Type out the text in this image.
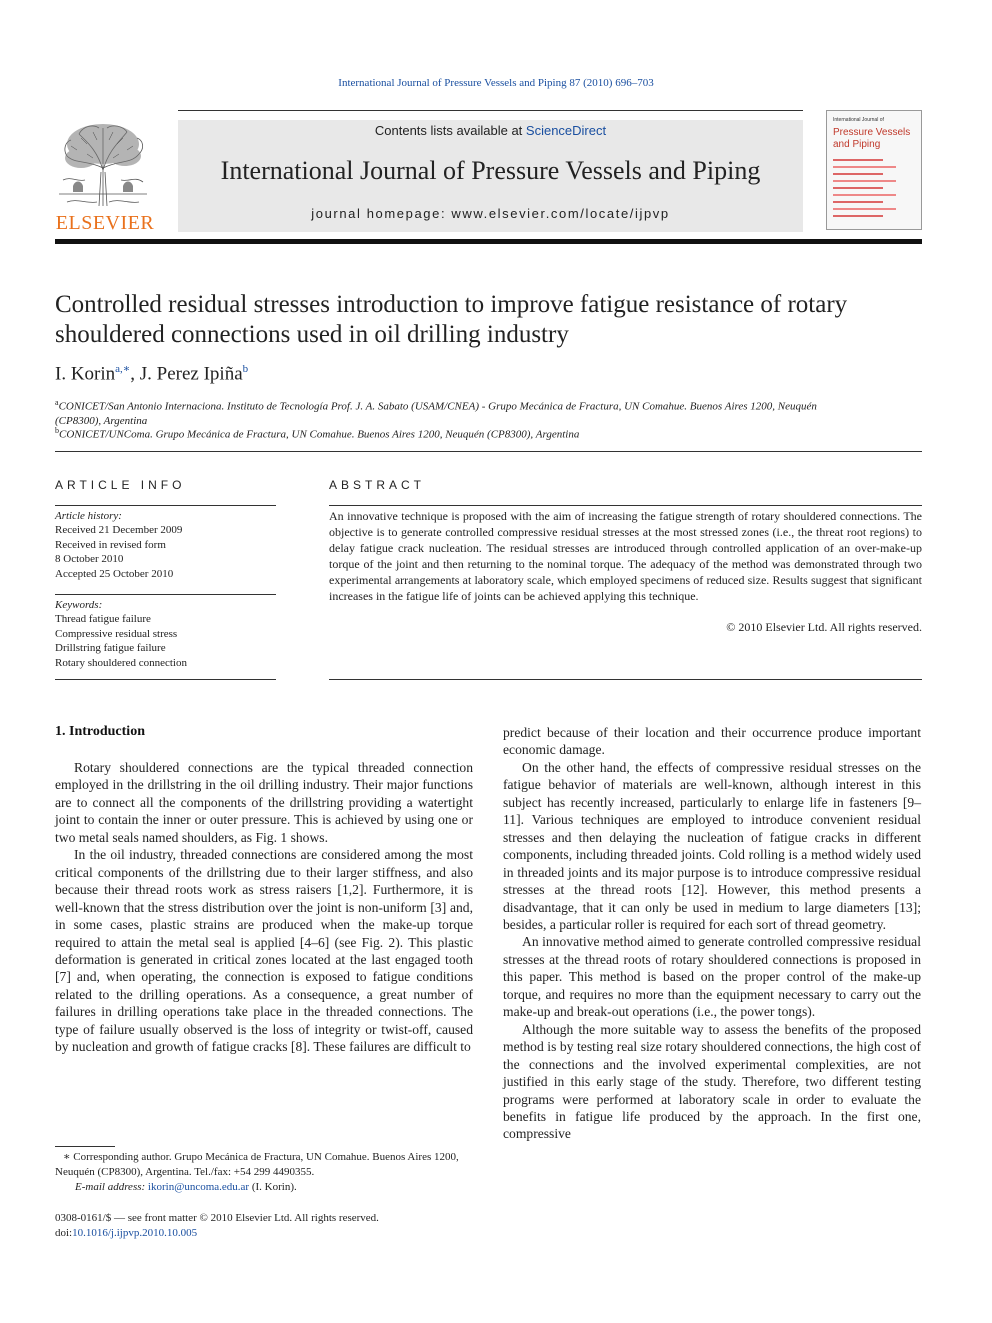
International Journal of Pressure Vessels and Piping 87 (2010) 696–703
ELSEVIER
Contents lists available at ScienceDirect
International Journal of Pressure Vessels and Piping
journal homepage: www.elsevier.com/locate/ijpvp
International Journal of
Pressure Vessels and Piping
Controlled residual stresses introduction to improve fatigue resistance of rotary shouldered connections used in oil drilling industry
I. Korin$^{a,∗}$, J. Perez Ipiña$^b$
$^a$CONICET/San Antonio Internaciona. Instituto de Tecnología Prof. J. A. Sabato (USAM/CNEA) - Grupo Mecánica de Fractura, UN Comahue. Buenos Aires 1200, Neuquén (CP8300), Argentina
$^b$CONICET/UNComa. Grupo Mecánica de Fractura, UN Comahue. Buenos Aires 1200, Neuquén (CP8300), Argentina
ARTICLE INFO
Article history:
Received 21 December 2009
Received in revised form
8 October 2010
Accepted 25 October 2010
Keywords:
Thread fatigue failure
Compressive residual stress
Drillstring fatigue failure
Rotary shouldered connection
ABSTRACT
An innovative technique is proposed with the aim of increasing the fatigue strength of rotary shouldered connections. The objective is to generate controlled compressive residual stresses at the most stressed zones (i.e., the threat root regions) to delay fatigue crack nucleation. The residual stresses are introduced through controlled application of an over-make-up torque of the joint and then returning to the nominal torque. The adequacy of the method was demonstrated through two experimental arrangements at laboratory scale, which employed specimens of reduced size. Results suggest that significant increases in the fatigue life of joints can be achieved applying this technique.
© 2010 Elsevier Ltd. All rights reserved.
1. Introduction

Rotary shouldered connections are the typical threaded connection employed in the drillstring in the oil drilling industry. Their major functions are to connect all the components of the drillstring providing a watertight joint to contain the inner or outer pressure. This is achieved by using one or two metal seals named shoulders, as Fig. 1 shows.

In the oil industry, threaded connections are considered among the most critical components of the drillstring due to their larger stiffness, and also because their thread roots work as stress raisers [1,2]. Furthermore, it is well-known that the stress distribution over the joint is non-uniform [3] and, in some cases, plastic strains are produced when the make-up torque required to attain the metal seal is applied [4–6] (see Fig. 2). This plastic deformation is generated in critical zones located at the last engaged tooth [7] and, when operating, the connection is exposed to fatigue conditions related to the drilling operations. As a consequence, a great number of failures in drilling operations take place in the threaded connections. The type of failure usually observed is the loss of integrity or twist-off, caused by nucleation and growth of fatigue cracks [8]. These failures are difficult to

predict because of their location and their occurrence produce important economic damage.

On the other hand, the effects of compressive residual stresses on the fatigue behavior of materials are well-known, although interest in this subject has recently increased, particularly to enlarge life in fasteners [9–11]. Various techniques are employed to introduce convenient residual stresses and then delaying the nucleation of fatigue cracks in different components, including threaded joints. Cold rolling is a method widely used in threaded joints and its major purpose is to introduce compressive residual stresses at the thread roots [12]. However, this method presents a disadvantage, that it can only be used in medium to large diameters [13]; besides, a particular roller is required for each sort of thread geometry.

An innovative method aimed to generate controlled compressive residual stresses at the thread roots of rotary shouldered connections is proposed in this paper. This method is based on the proper control of the make-up torque, and requires no more than the equipment necessary to carry out the make-up and break-out operations (i.e., the power tongs).

Although the more suitable way to assess the benefits of the proposed method is by testing real size rotary shouldered connections, the high cost of the connections and the involved experimental complexities, are not justified in this early stage of the study. Therefore, two different testing programs were performed at laboratory scale in order to evaluate the benefits in fatigue life produced by the approach. In the first one, compressive

∗ Corresponding author. Grupo Mecánica de Fractura, UN Comahue. Buenos Aires 1200, Neuquén (CP8300), Argentina. Tel./fax: +54 299 4490355.
E-mail address: ikorin@uncoma.edu.ar (I. Korin).
0308-0161/$ — see front matter © 2010 Elsevier Ltd. All rights reserved.
doi:10.1016/j.ijpvp.2010.10.005
